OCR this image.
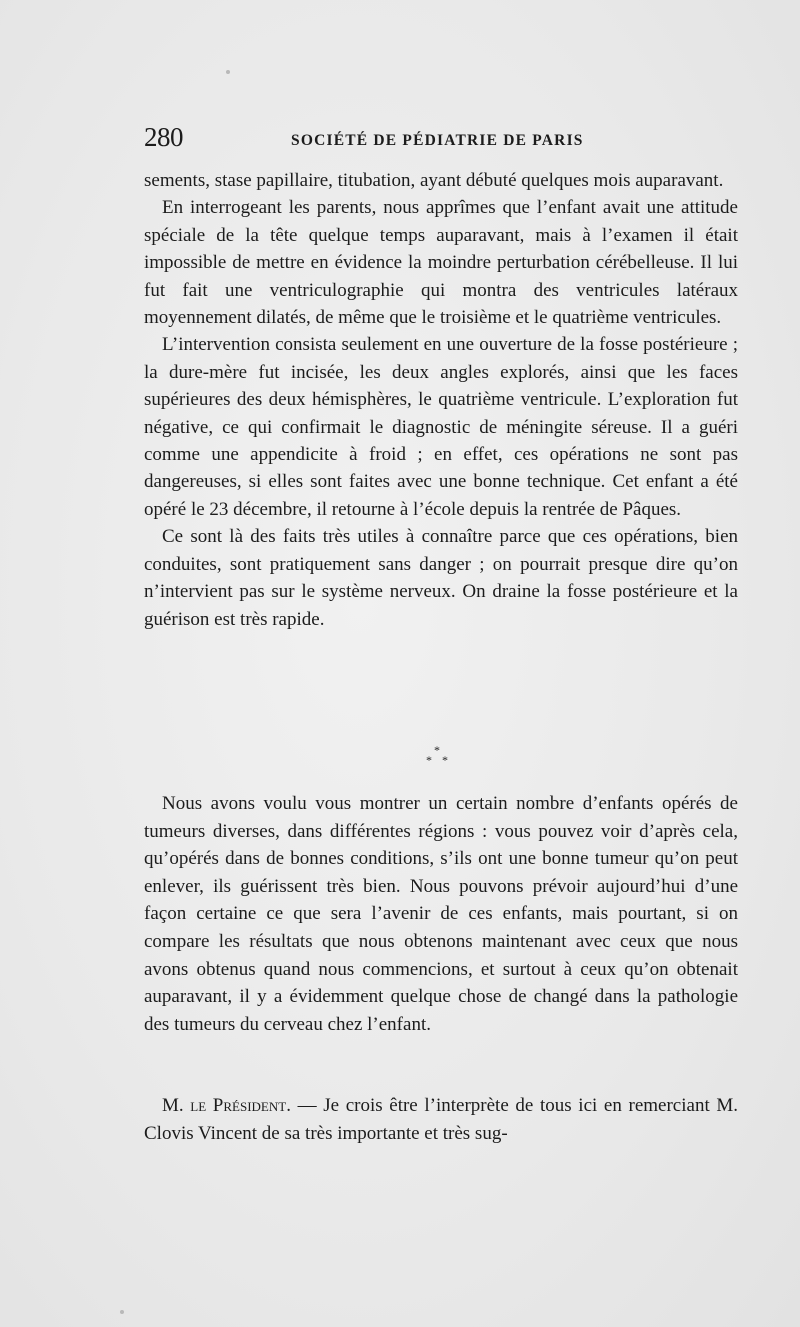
280	SOCIÉTÉ DE PÉDIATRIE DE PARIS

sements, stase papillaire, titubation, ayant débuté quelques mois auparavant.

En interrogeant les parents, nous apprîmes que l’enfant avait une attitude spéciale de la tête quelque temps auparavant, mais à l’examen il était impossible de mettre en évidence la moindre perturbation cérébelleuse. Il lui fut fait une ventriculographie qui montra des ventricules latéraux moyennement dilatés, de même que le troisième et le quatrième ventricules.

L’intervention consista seulement en une ouverture de la fosse postérieure ; la dure-mère fut incisée, les deux angles explorés, ainsi que les faces supérieures des deux hémisphères, le quatrième ventricule. L’exploration fut négative, ce qui confirmait le diagnostic de méningite séreuse. Il a guéri comme une appendicite à froid ; en effet, ces opérations ne sont pas dangereuses, si elles sont faites avec une bonne technique. Cet enfant a été opéré le 23 décembre, il retourne à l’école depuis la rentrée de Pâques.

Ce sont là des faits très utiles à connaître parce que ces opérations, bien conduites, sont pratiquement sans danger ; on pourrait presque dire qu’on n’intervient pas sur le système nerveux. On draine la fosse postérieure et la guérison est très rapide.

*
* *

Nous avons voulu vous montrer un certain nombre d’enfants opérés de tumeurs diverses, dans différentes régions : vous pouvez voir d’après cela, qu’opérés dans de bonnes conditions, s’ils ont une bonne tumeur qu’on peut enlever, ils guérissent très bien. Nous pouvons prévoir aujourd’hui d’une façon certaine ce que sera l’avenir de ces enfants, mais pourtant, si on compare les résultats que nous obtenons maintenant avec ceux que nous avons obtenus quand nous commencions, et surtout à ceux qu’on obtenait auparavant, il y a évidemment quelque chose de changé dans la pathologie des tumeurs du cerveau chez l’enfant.

M. le Président. — Je crois être l’interprète de tous ici en remerciant M. Clovis Vincent de sa très importante et très sug-
